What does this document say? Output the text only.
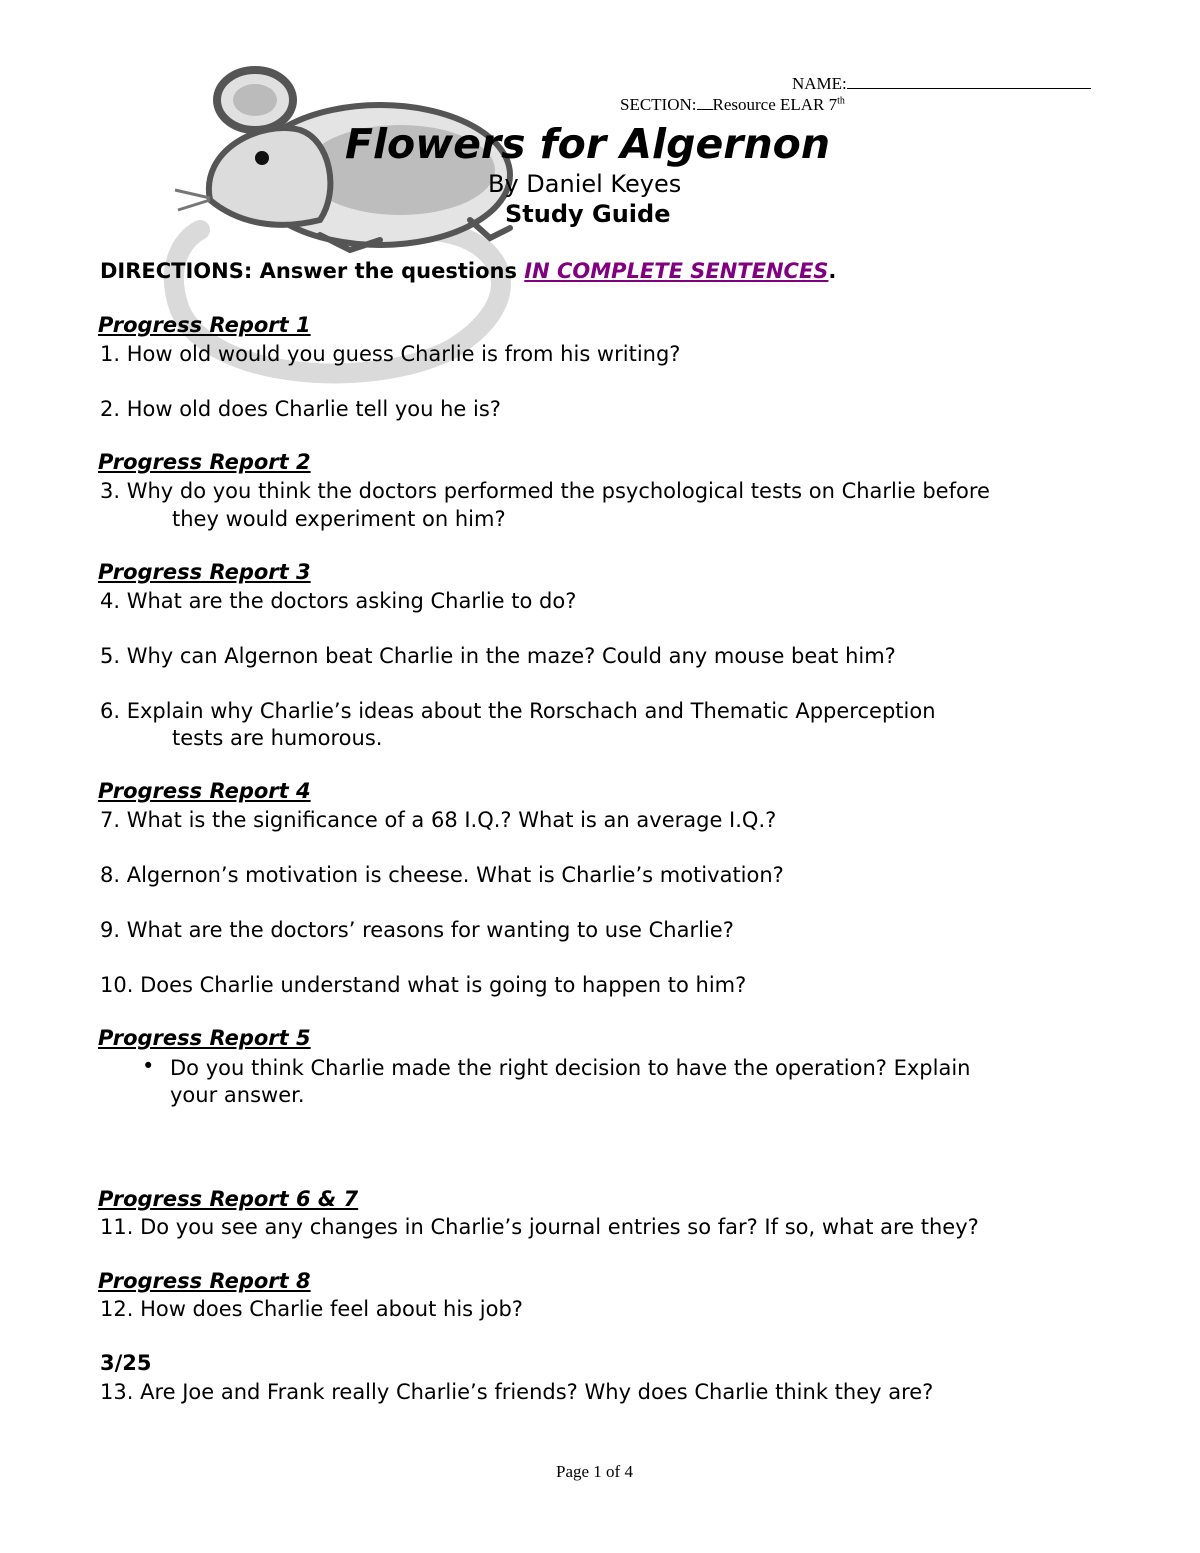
NAME:
SECTION: Resource ELAR 7th
Flowers for Algernon
By Daniel Keyes
Study Guide
DIRECTIONS: Answer the questions IN COMPLETE SENTENCES.
Progress Report 1
1. How old would you guess Charlie is from his writing?
2. How old does Charlie tell you he is?
Progress Report 2
3. Why do you think the doctors performed the psychological tests on Charlie before
they would experiment on him?
Progress Report 3
4. What are the doctors asking Charlie to do?
5. Why can Algernon beat Charlie in the maze? Could any mouse beat him?
6. Explain why Charlie’s ideas about the Rorschach and Thematic Apperception
tests are humorous.
Progress Report 4
7. What is the significance of a 68 I.Q.? What is an average I.Q.?
8. Algernon’s motivation is cheese. What is Charlie’s motivation?
9. What are the doctors’ reasons for wanting to use Charlie?
10. Does Charlie understand what is going to happen to him?
Progress Report 5
• Do you think Charlie made the right decision to have the operation? Explain
your answer.
Progress Report 6 & 7
11. Do you see any changes in Charlie’s journal entries so far? If so, what are they?
Progress Report 8
12. How does Charlie feel about his job?
3/25
13. Are Joe and Frank really Charlie’s friends? Why does Charlie think they are?
Page 1 of 4
